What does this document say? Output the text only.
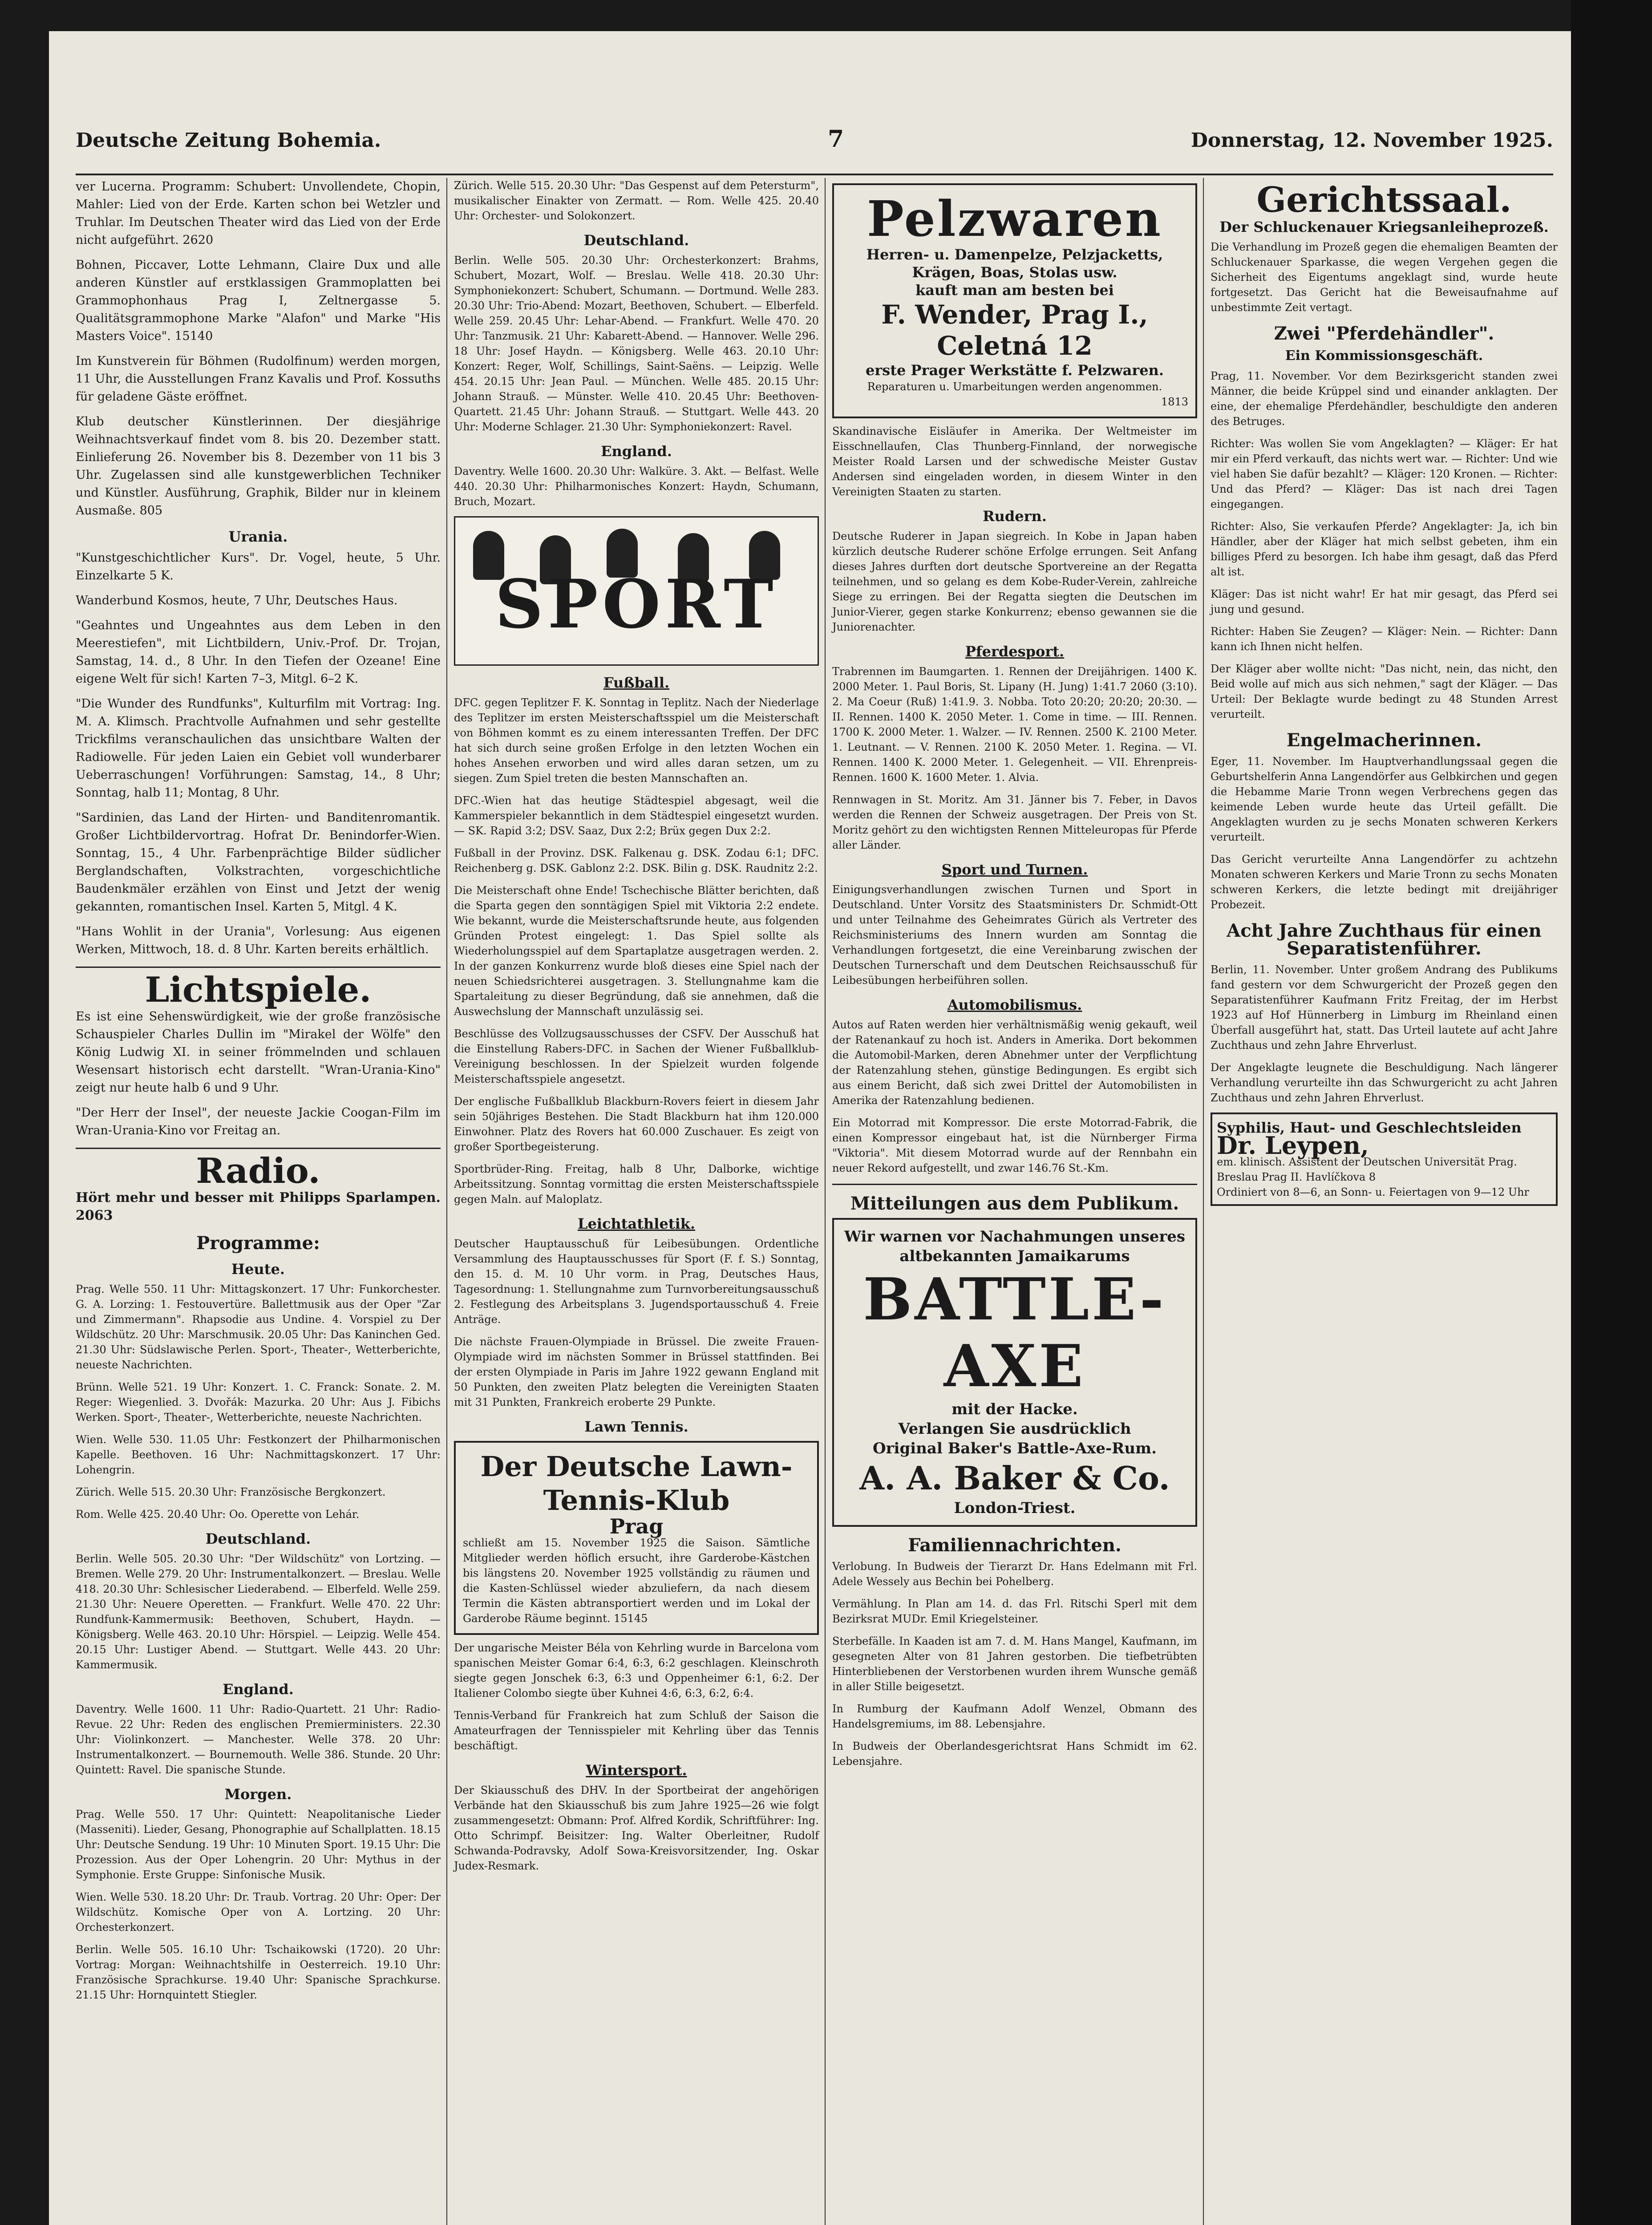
Deutsche Zeitung Bohemia.	7	Donnerstag, 12. November 1925.

ver Lucerna. Programm: Schubert: Unvollendete, Chopin, Mahler: Lied von der Erde. Karten schon bei Wetzler und Truhlar. Im Deutschen Theater wird das Lied von der Erde nicht aufgeführt. 2620

Bohnen, Piccaver, Lotte Lehmann, Claire Dux und alle anderen Künstler auf erstklassigen Grammoplatten bei Grammophonhaus Prag I, Zeltnergasse 5. Qualitätsgrammophone Marke "Alafon" und Marke "His Masters Voice". 15140

Im Kunstverein für Böhmen (Rudolfinum) werden morgen, 11 Uhr, die Ausstellungen Franz Kavalis und Prof. Kossuths für geladene Gäste eröffnet.

Klub deutscher Künstlerinnen. Der diesjährige Weihnachtsverkauf findet vom 8. bis 20. Dezember statt. Einlieferung 26. November bis 8. Dezember von 11 bis 3 Uhr. Zugelassen sind alle kunstgewerblichen Techniker und Künstler. Ausführung, Graphik, Bilder nur in kleinem Ausmaße. 805

Urania.

"Kunstgeschichtlicher Kurs". Dr. Vogel, heute, 5 Uhr. Einzelkarte 5 K.

Wanderbund Kosmos, heute, 7 Uhr, Deutsches Haus.

"Geahntes und Ungeahntes aus dem Leben in den Meerestiefen", mit Lichtbildern, Univ.-Prof. Dr. Trojan, Samstag, 14. d., 8 Uhr. In den Tiefen der Ozeane! Eine eigene Welt für sich! Karten 7–3, Mitgl. 6–2 K.

"Die Wunder des Rundfunks", Kulturfilm mit Vortrag: Ing. M. A. Klimsch. Prachtvolle Aufnahmen und sehr gestellte Trickfilms veranschaulichen das unsichtbare Walten der Radiowelle. Für jeden Laien ein Gebiet voll wunderbarer Ueberraschungen! Vorführungen: Samstag, 14., 8 Uhr; Sonntag, halb 11; Montag, 8 Uhr.

"Sardinien, das Land der Hirten- und Banditenromantik. Großer Lichtbildervortrag. Hofrat Dr. Benindorfer-Wien. Sonntag, 15., 4 Uhr. Farbenprächtige Bilder südlicher Berglandschaften, Volkstrachten, vorgeschichtliche Baudenkmäler erzählen von Einst und Jetzt der wenig gekannten, romantischen Insel. Karten 5, Mitgl. 4 K.

"Hans Wohlit in der Urania", Vorlesung: Aus eigenen Werken, Mittwoch, 18. d. 8 Uhr. Karten bereits erhältlich.

Lichtspiele.

Es ist eine Sehenswürdigkeit, wie der große französische Schauspieler Charles Dullin im "Mirakel der Wölfe" den König Ludwig XI. in seiner frömmelnden und schlauen Wesensart historisch echt darstellt. "Wran-Urania-Kino" zeigt nur heute halb 6 und 9 Uhr.

"Der Herr der Insel", der neueste Jackie Coogan-Film im Wran-Urania-Kino vor Freitag an.

Radio.

Hört mehr und besser mit Philipps Sparlampen. 2063

Programme:
Heute.

Prag. Welle 550. 11 Uhr: Mittagskonzert. 17 Uhr: Funkorchester. G. A. Lorzing: 1. Festouvertüre. Ballettmusik aus der Oper "Zar und Zimmermann". Rhapsodie aus Undine. 4. Vorspiel zu Der Wildschütz. 20 Uhr: Marschmusik. 20.05 Uhr: Das Kaninchen Ged. 21.30 Uhr: Südslawische Perlen. Sport-, Theater-, Wetterberichte, neueste Nachrichten.

Brünn. Welle 521. 19 Uhr: Konzert. 1. C. Franck: Sonate. 2. M. Reger: Wiegenlied. 3. Dvořák: Mazurka. 20 Uhr: Aus J. Fibichs Werken. Sport-, Theater-, Wetterberichte, neueste Nachrichten.

Wien. Welle 530. 11.05 Uhr: Festkonzert der Philharmonischen Kapelle. Beethoven. 16 Uhr: Nachmittagskonzert. 17 Uhr: Lohengrin.

Zürich. Welle 515. 20.30 Uhr: Französische Bergkonzert.

Rom. Welle 425. 20.40 Uhr: Oo. Operette von Lehár.

Deutschland.

Berlin. Welle 505. 20.30 Uhr: "Der Wildschütz" von Lortzing. — Bremen. Welle 279. 20 Uhr: Instrumentalkonzert. — Breslau. Welle 418. 20.30 Uhr: Schlesischer Liederabend. — Elberfeld. Welle 259. 21.30 Uhr: Neuere Operetten. — Frankfurt. Welle 470. 22 Uhr: Rundfunk-Kammermusik: Beethoven, Schubert, Haydn. — Königsberg. Welle 463. 20.10 Uhr: Hörspiel. — Leipzig. Welle 454. 20.15 Uhr: Lustiger Abend. — Stuttgart. Welle 443. 20 Uhr: Kammermusik.

England.

Daventry. Welle 1600. 11 Uhr: Radio-Quartett. 21 Uhr: Radio-Revue. 22 Uhr: Reden des englischen Premierministers. 22.30 Uhr: Violinkonzert. — Manchester. Welle 378. 20 Uhr: Instrumentalkonzert. — Bournemouth. Welle 386. Stunde. 20 Uhr: Quintett: Ravel. Die spanische Stunde.

Morgen.

Prag. Welle 550. 17 Uhr: Quintett: Neapolitanische Lieder (Masseniti). Lieder, Gesang, Phonographie auf Schallplatten. 18.15 Uhr: Deutsche Sendung. 19 Uhr: 10 Minuten Sport. 19.15 Uhr: Die Prozession. Aus der Oper Lohengrin. 20 Uhr: Mythus in der Symphonie. Erste Gruppe: Sinfonische Musik.

Wien. Welle 530. 18.20 Uhr: Dr. Traub. Vortrag. 20 Uhr: Oper: Der Wildschütz. Komische Oper von A. Lortzing. 20 Uhr: Orchesterkonzert.

Berlin. Welle 505. 16.10 Uhr: Tschaikowski (1720). 20 Uhr: Vortrag: Morgan: Weihnachtshilfe in Oesterreich. 19.10 Uhr: Französische Sprachkurse. 19.40 Uhr: Spanische Sprachkurse. 21.15 Uhr: Hornquintett Stiegler.

Zürich. Welle 515. 20.30 Uhr: "Das Gespenst auf dem Petersturm", musikalischer Einakter von Zermatt. — Rom. Welle 425. 20.40 Uhr: Orchester- und Solokonzert.

Deutschland.

Berlin. Welle 505. 20.30 Uhr: Orchesterkonzert: Brahms, Schubert, Mozart, Wolf. — Breslau. Welle 418. 20.30 Uhr: Symphoniekonzert: Schubert, Schumann. — Dortmund. Welle 283. 20.30 Uhr: Trio-Abend: Mozart, Beethoven, Schubert. — Elberfeld. Welle 259. 20.45 Uhr: Lehar-Abend. — Frankfurt. Welle 470. 20 Uhr: Tanzmusik. 21 Uhr: Kabarett-Abend. — Hannover. Welle 296. 18 Uhr: Josef Haydn. — Königsberg. Welle 463. 20.10 Uhr: Konzert: Reger, Wolf, Schillings, Saint-Saëns. — Leipzig. Welle 454. 20.15 Uhr: Jean Paul. — München. Welle 485. 20.15 Uhr: Johann Strauß. — Münster. Welle 410. 20.45 Uhr: Beethoven-Quartett. 21.45 Uhr: Johann Strauß. — Stuttgart. Welle 443. 20 Uhr: Moderne Schlager. 21.30 Uhr: Symphoniekonzert: Ravel.

England.

Daventry. Welle 1600. 20.30 Uhr: Walküre. 3. Akt. — Belfast. Welle 440. 20.30 Uhr: Philharmonisches Konzert: Haydn, Schumann, Bruch, Mozart.

SPORT
Fußball.

DFC. gegen Teplitzer F. K. Sonntag in Teplitz. Nach der Niederlage des Teplitzer im ersten Meisterschaftsspiel um die Meisterschaft von Böhmen kommt es zu einem interessanten Treffen. Der DFC hat sich durch seine großen Erfolge in den letzten Wochen ein hohes Ansehen erworben und wird alles daran setzen, um zu siegen. Zum Spiel treten die besten Mannschaften an.

DFC.-Wien hat das heutige Städtespiel abgesagt, weil die Kammerspieler bekanntlich in dem Städtespiel eingesetzt wurden. — SK. Rapid 3:2; DSV. Saaz, Dux 2:2; Brüx gegen Dux 2:2.

Fußball in der Provinz. DSK. Falkenau g. DSK. Zodau 6:1; DFC. Reichenberg g. DSK. Gablonz 2:2. DSK. Bilin g. DSK. Raudnitz 2:2.

Die Meisterschaft ohne Ende! Tschechische Blätter berichten, daß die Sparta gegen den sonntägigen Spiel mit Viktoria 2:2 endete. Wie bekannt, wurde die Meisterschaftsrunde heute, aus folgenden Gründen Protest eingelegt: 1. Das Spiel sollte als Wiederholungsspiel auf dem Spartaplatze ausgetragen werden. 2. In der ganzen Konkurrenz wurde bloß dieses eine Spiel nach der neuen Schiedsrichterei ausgetragen. 3. Stellungnahme kam die Spartaleitung zu dieser Begründung, daß sie annehmen, daß die Auswechslung der Mannschaft unzulässig sei.

Beschlüsse des Vollzugsausschusses der CSFV. Der Ausschuß hat die Einstellung Rabers-DFC. in Sachen der Wiener Fußballklub-Vereinigung beschlossen. In der Spielzeit wurden folgende Meisterschaftsspiele angesetzt.

Der englische Fußballklub Blackburn-Rovers feiert in diesem Jahr sein 50jähriges Bestehen. Die Stadt Blackburn hat ihm 120.000 Einwohner. Platz des Rovers hat 60.000 Zuschauer. Es zeigt von großer Sportbegeisterung.

Sportbrüder-Ring. Freitag, halb 8 Uhr, Dalborke, wichtige Arbeitssitzung. Sonntag vormittag die ersten Meisterschaftsspiele gegen Maln. auf Maloplatz.

Leichtathletik.

Deutscher Hauptausschuß für Leibesübungen. Ordentliche Versammlung des Hauptausschusses für Sport (F. f. S.) Sonntag, den 15. d. M. 10 Uhr vorm. in Prag, Deutsches Haus, Tagesordnung: 1. Stellungnahme zum Turnvorbereitungsausschuß 2. Festlegung des Arbeitsplans 3. Jugendsportausschuß 4. Freie Anträge.

Die nächste Frauen-Olympiade in Brüssel. Die zweite Frauen-Olympiade wird im nächsten Sommer in Brüssel stattfinden. Bei der ersten Olympiade in Paris im Jahre 1922 gewann England mit 50 Punkten, den zweiten Platz belegten die Vereinigten Staaten mit 31 Punkten, Frankreich eroberte 29 Punkte.

Lawn Tennis.
Der Deutsche Lawn-Tennis-Klub
Prag
schließt am 15. November 1925 die Saison. Sämtliche Mitglieder werden höflich ersucht, ihre Garderobe-Kästchen bis längstens 20. November 1925 vollständig zu räumen und die Kasten-Schlüssel wieder abzuliefern, da nach diesem Termin die Kästen abtransportiert werden und im Lokal der Garderobe Räume beginnt. 15145

Der ungarische Meister Béla von Kehrling wurde in Barcelona vom spanischen Meister Gomar 6:4, 6:3, 6:2 geschlagen. Kleinschroth siegte gegen Jonschek 6:3, 6:3 und Oppenheimer 6:1, 6:2. Der Italiener Colombo siegte über Kuhnei 4:6, 6:3, 6:2, 6:4.

Tennis-Verband für Frankreich hat zum Schluß der Saison die Amateurfragen der Tennisspieler mit Kehrling über das Tennis beschäftigt.

Wintersport.

Der Skiausschuß des DHV. In der Sportbeirat der angehörigen Verbände hat den Skiausschuß bis zum Jahre 1925—26 wie folgt zusammengesetzt: Obmann: Prof. Alfred Kordik, Schriftführer: Ing. Otto Schrimpf. Beisitzer: Ing. Walter Oberleitner, Rudolf Schwanda-Podravsky, Adolf Sowa-Kreisvorsitzender, Ing. Oskar Judex-Resmark.

Pelzwaren
Herren- u. Damenpelze, Pelzjacketts,
Krägen, Boas, Stolas usw.
kauft man am besten bei
F. Wender, Prag I., Celetná 12
erste Prager Werkstätte f. Pelzwaren.
Reparaturen u. Umarbeitungen werden angenommen.
1813

Skandinavische Eisläufer in Amerika. Der Weltmeister im Eisschnellaufen, Clas Thunberg-Finnland, der norwegische Meister Roald Larsen und der schwedische Meister Gustav Andersen sind eingeladen worden, in diesem Winter in den Vereinigten Staaten zu starten.

Rudern.

Deutsche Ruderer in Japan siegreich. In Kobe in Japan haben kürzlich deutsche Ruderer schöne Erfolge errungen. Seit Anfang dieses Jahres durften dort deutsche Sportvereine an der Regatta teilnehmen, und so gelang es dem Kobe-Ruder-Verein, zahlreiche Siege zu erringen. Bei der Regatta siegten die Deutschen im Junior-Vierer, gegen starke Konkurrenz; ebenso gewannen sie die Juniorenachter.

Pferdesport.

Trabrennen im Baumgarten. 1. Rennen der Dreijährigen. 1400 K. 2000 Meter. 1. Paul Boris, St. Lipany (H. Jung) 1:41.7 2060 (3:10). 2. Ma Coeur (Ruß) 1:41.9. 3. Nobba. Toto 20:20; 20:20; 20:30. — II. Rennen. 1400 K. 2050 Meter. 1. Come in time. — III. Rennen. 1700 K. 2000 Meter. 1. Walzer. — IV. Rennen. 2500 K. 2100 Meter. 1. Leutnant. — V. Rennen. 2100 K. 2050 Meter. 1. Regina. — VI. Rennen. 1400 K. 2000 Meter. 1. Gelegenheit. — VII. Ehrenpreis-Rennen. 1600 K. 1600 Meter. 1. Alvia.

Rennwagen in St. Moritz. Am 31. Jänner bis 7. Feber, in Davos werden die Rennen der Schweiz ausgetragen. Der Preis von St. Moritz gehört zu den wichtigsten Rennen Mitteleuropas für Pferde aller Länder.

Sport und Turnen.

Einigungsverhandlungen zwischen Turnen und Sport in Deutschland. Unter Vorsitz des Staatsministers Dr. Schmidt-Ott und unter Teilnahme des Geheimrates Gürich als Vertreter des Reichsministeriums des Innern wurden am Sonntag die Verhandlungen fortgesetzt, die eine Vereinbarung zwischen der Deutschen Turnerschaft und dem Deutschen Reichsausschuß für Leibesübungen herbeiführen sollen.

Automobilismus.

Autos auf Raten werden hier verhältnismäßig wenig gekauft, weil der Ratenankauf zu hoch ist. Anders in Amerika. Dort bekommen die Automobil-Marken, deren Abnehmer unter der Verpflichtung der Ratenzahlung stehen, günstige Bedingungen. Es ergibt sich aus einem Bericht, daß sich zwei Drittel der Automobilisten in Amerika der Ratenzahlung bedienen.

Ein Motorrad mit Kompressor. Die erste Motorrad-Fabrik, die einen Kompressor eingebaut hat, ist die Nürnberger Firma "Viktoria". Mit diesem Motorrad wurde auf der Rennbahn ein neuer Rekord aufgestellt, und zwar 146.76 St.-Km.

Mitteilungen aus dem Publikum.
Wir warnen vor Nachahmungen unseres altbekannten Jamaikarums
BATTLE-AXE
mit der Hacke.
Verlangen Sie ausdrücklich
Original Baker's Battle-Axe-Rum.
A. A. Baker & Co.
London-Triest.
Familiennachrichten.

Verlobung. In Budweis der Tierarzt Dr. Hans Edelmann mit Frl. Adele Wessely aus Bechin bei Pohelberg.

Vermählung. In Plan am 14. d. das Frl. Ritschi Sperl mit dem Bezirksrat MUDr. Emil Kriegelsteiner.

Sterbefälle. In Kaaden ist am 7. d. M. Hans Mangel, Kaufmann, im gesegneten Alter von 81 Jahren gestorben. Die tiefbetrübten Hinterbliebenen der Verstorbenen wurden ihrem Wunsche gemäß in aller Stille beigesetzt.

In Rumburg der Kaufmann Adolf Wenzel, Obmann des Handelsgremiums, im 88. Lebensjahre.

In Budweis der Oberlandesgerichtsrat Hans Schmidt im 62. Lebensjahre.

Gerichtssaal.
Der Schluckenauer Kriegsanleiheprozeß.

Die Verhandlung im Prozeß gegen die ehemaligen Beamten der Schluckenauer Sparkasse, die wegen Vergehen gegen die Sicherheit des Eigentums angeklagt sind, wurde heute fortgesetzt. Das Gericht hat die Beweisaufnahme auf unbestimmte Zeit vertagt.

Zwei "Pferdehändler".
Ein Kommissionsgeschäft.

Prag, 11. November. Vor dem Bezirksgericht standen zwei Männer, die beide Krüppel sind und einander anklagten. Der eine, der ehemalige Pferdehändler, beschuldigte den anderen des Betruges.

Richter: Was wollen Sie vom Angeklagten? — Kläger: Er hat mir ein Pferd verkauft, das nichts wert war. — Richter: Und wie viel haben Sie dafür bezahlt? — Kläger: 120 Kronen. — Richter: Und das Pferd? — Kläger: Das ist nach drei Tagen eingegangen.

Richter: Also, Sie verkaufen Pferde? Angeklagter: Ja, ich bin Händler, aber der Kläger hat mich selbst gebeten, ihm ein billiges Pferd zu besorgen. Ich habe ihm gesagt, daß das Pferd alt ist.

Kläger: Das ist nicht wahr! Er hat mir gesagt, das Pferd sei jung und gesund.

Richter: Haben Sie Zeugen? — Kläger: Nein. — Richter: Dann kann ich Ihnen nicht helfen.

Der Kläger aber wollte nicht: "Das nicht, nein, das nicht, den Beid wolle auf mich aus sich nehmen," sagt der Kläger. — Das Urteil: Der Beklagte wurde bedingt zu 48 Stunden Arrest verurteilt.

Engelmacherinnen.

Eger, 11. November. Im Hauptverhandlungssaal gegen die Geburtshelferin Anna Langendörfer aus Gelbkirchen und gegen die Hebamme Marie Tronn wegen Verbrechens gegen das keimende Leben wurde heute das Urteil gefällt. Die Angeklagten wurden zu je sechs Monaten schweren Kerkers verurteilt.

Das Gericht verurteilte Anna Langendörfer zu achtzehn Monaten schweren Kerkers und Marie Tronn zu sechs Monaten schweren Kerkers, die letzte bedingt mit dreijähriger Probezeit.

Acht Jahre Zuchthaus für einen Separatistenführer.

Berlin, 11. November. Unter großem Andrang des Publikums fand gestern vor dem Schwurgericht der Prozeß gegen den Separatistenführer Kaufmann Fritz Freitag, der im Herbst 1923 auf Hof Hünnerberg in Limburg im Rheinland einen Überfall ausgeführt hat, statt. Das Urteil lautete auf acht Jahre Zuchthaus und zehn Jahre Ehrverlust.

Der Angeklagte leugnete die Beschuldigung. Nach längerer Verhandlung verurteilte ihn das Schwurgericht zu acht Jahren Zuchthaus und zehn Jahren Ehrverlust.

Syphilis, Haut- und Geschlechtsleiden
Dr. Leypen,
em. klinisch. Assistent der Deutschen Universität Prag. Breslau Prag II. Havlíčkova 8
Ordiniert von 8—6, an Sonn- u. Feiertagen von 9—12 Uhr
